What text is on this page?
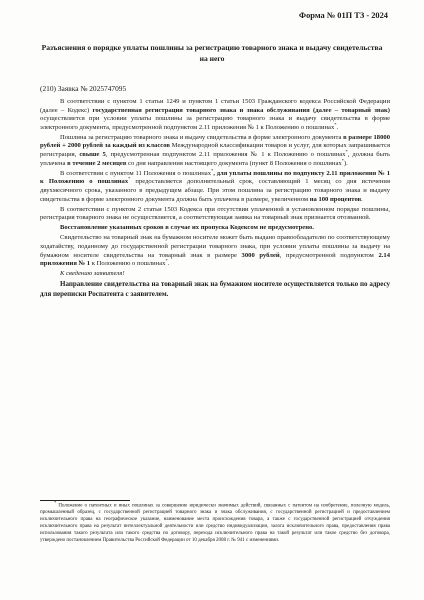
Форма № 01П ТЗ - 2024
Разъяснения о порядке уплаты пошлины за регистрацию товарного знака и выдачу свидетельства на него
(210) Заявка № 2025747095

В соответствии с пунктом 1 статьи 1249 и пунктом 1 статьи 1503 Гражданского кодекса Российской Федерации (далее – Кодекс) государственная регистрация товарного знака и знака обслуживания (далее – товарный знак) осуществляется при условии уплаты пошлины за регистрацию товарного знака и выдачу свидетельства в форме электронного документа, предусмотренной подпунктом 2.11 приложения № 1 к Положению о пошлинах*.

Пошлина за регистрацию товарного знака и выдачу свидетельства в форме электронного документа в размере 18000 рублей + 2000 рублей за каждый из классов Международной классификации товаров и услуг, для которых запрашивается регистрация, свыше 5, предусмотренная подпунктом 2.11 приложения № 1 к Положению о пошлинах*, должна быть уплачена в течение 2 месяцев со дня направления настоящего документа (пункт 8 Положения о пошлинах*).

В соответствии с пунктом 11 Положения о пошлинах*, для уплаты пошлины по подпункту 2.11 приложения № 1 к Положению о пошлинах* предоставляется дополнительный срок, составляющий 1 месяц со дня истечения двухмесячного срока, указанного в предыдущем абзаце. При этом пошлина за регистрацию товарного знака и выдачу свидетельства в форме электронного документа должна быть уплачена в размере, увеличенном на 100 процентов.

В соответствии с пунктом 2 статьи 1503 Кодекса при отсутствии уплаченной в установленном порядке пошлины, регистрация товарного знака не осуществляется, а соответствующая заявка на товарный знак признается отозванной.

Восстановление указанных сроков в случае их пропуска Кодексом не предусмотрено.

Свидетельство на товарный знак на бумажном носителе может быть выдано правообладателю по соответствующему ходатайству, поданному до государственной регистрации товарного знака, при условии уплаты пошлины за выдачу на бумажном носителе свидетельства на товарный знак в размере 3000 рублей, предусмотренной подпунктом 2.14 приложения № 1 к Положению о пошлинах*.

К сведению заявителя!

Направление свидетельства на товарный знак на бумажном носителе осуществляется только по адресу для переписки Роспатента с заявителем.

* Положение о патентных и иных пошлинах за совершение юридически значимых действий, связанных с патентом на изобретение, полезную модель, промышленный образец, с государственной регистрацией товарного знака и знака обслуживания, с государственной регистрацией и предоставлением исключительного права на географическое указание, наименование места происхождения товара, а также с государственной регистрацией отчуждения исключительного права на результат интеллектуальной деятельности или средство индивидуализации, залога исключительного права, предоставления права использования такого результата или такого средства по договору, перехода исключительного права на такой результат или такое средство без договора, утверждено постановлением Правительства Российской Федерации от 10 декабря 2008 г. № 941 с изменениями.
